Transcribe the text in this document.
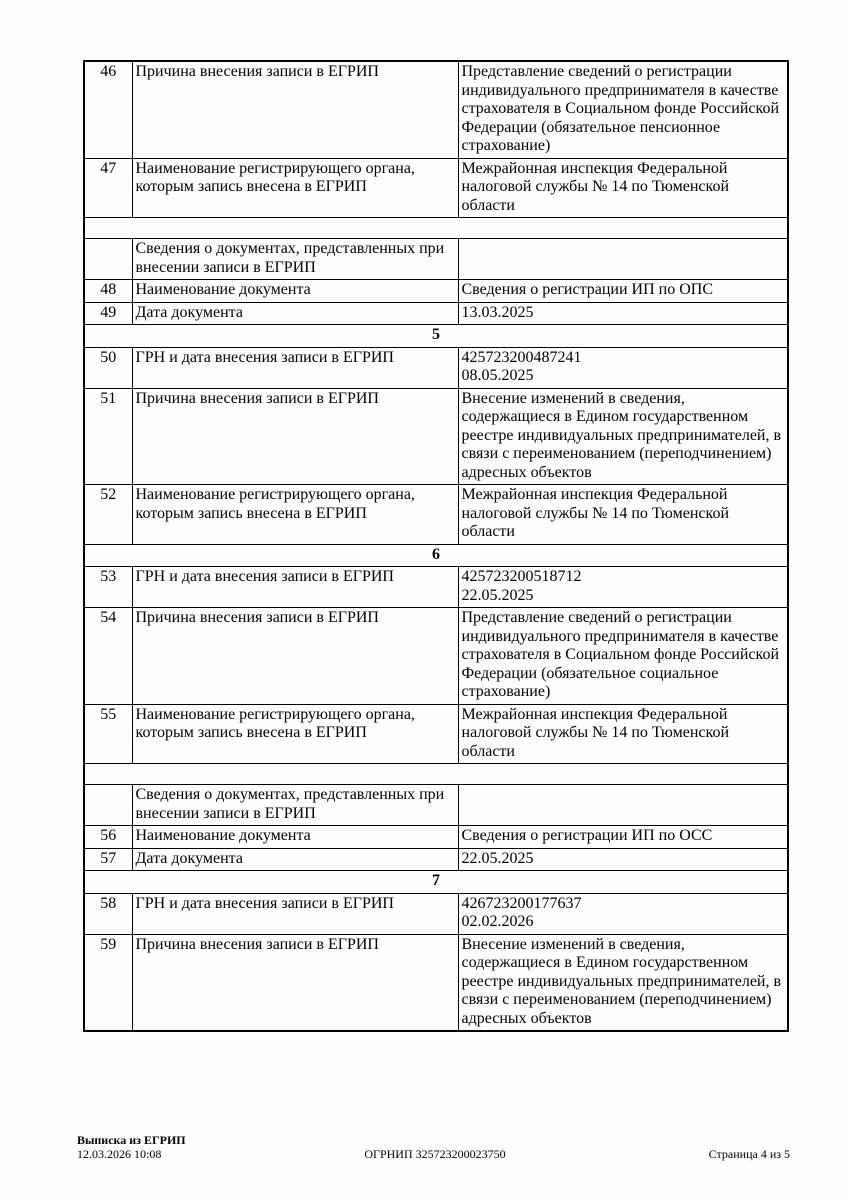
46	Причина внесения записи в ЕГРИП	Представление сведений о регистрации индивидуального предпринимателя в качестве страхователя в Социальном фонде Российской Федерации (обязательное пенсионное страхование)
47	Наименование регистрирующего органа, которым запись внесена в ЕГРИП	Межрайонная инспекция Федеральной налоговой службы № 14 по Тюменской области

	Сведения о документах, представленных при внесении записи в ЕГРИП	
48	Наименование документа	Сведения о регистрации ИП по ОПС
49	Дата документа	13.03.2025
5		
50	ГРН и дата внесения записи в ЕГРИП	425723200487241
08.05.2025

51	Причина внесения записи в ЕГРИП	Внесение изменений в сведения, содержащиеся в Едином государственном реестре индивидуальных предпринимателей, в связи с переименованием (переподчинением) адресных объектов
52	Наименование регистрирующего органа, которым запись внесена в ЕГРИП	Межрайонная инспекция Федеральной налоговой службы № 14 по Тюменской области
6		
53	ГРН и дата внесения записи в ЕГРИП	425723200518712
22.05.2025

54	Причина внесения записи в ЕГРИП	Представление сведений о регистрации индивидуального предпринимателя в качестве страхователя в Социальном фонде Российской Федерации (обязательное социальное страхование)
55	Наименование регистрирующего органа, которым запись внесена в ЕГРИП	Межрайонная инспекция Федеральной налоговой службы № 14 по Тюменской области

	Сведения о документах, представленных при внесении записи в ЕГРИП	
56	Наименование документа	Сведения о регистрации ИП по ОСС
57	Дата документа	22.05.2025
7		
58	ГРН и дата внесения записи в ЕГРИП	426723200177637
02.02.2026

59	Причина внесения записи в ЕГРИП	Внесение изменений в сведения, содержащиеся в Едином государственном реестре индивидуальных предпринимателей, в связи с переименованием (переподчинением) адресных объектов
Выписка из ЕГРИП
12.03.2026 10:08	ОГРНИП 325723200023750	Страница 4 из 5
